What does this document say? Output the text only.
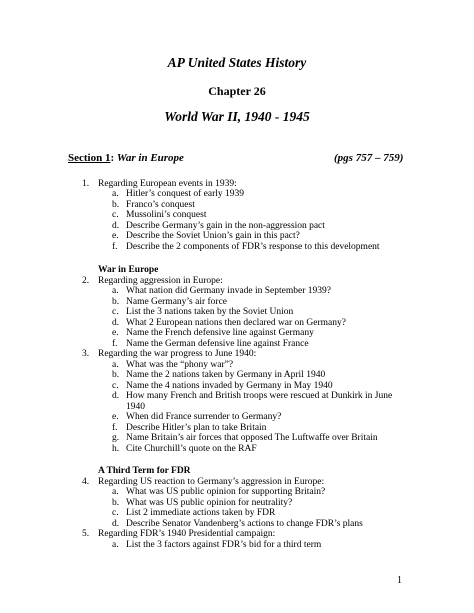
AP United States History
Chapter 26
World War II, 1940 - 1945
Section 1: War in Europe	(pgs 757 – 759)
1. Regarding European events in 1939:
a. Hitler’s conquest of early 1939
b. Franco’s conquest
c. Mussolini’s conquest
d. Describe Germany’s gain in the non-aggression pact
e. Describe the Soviet Union’s gain in this pact?
f. Describe the 2 components of FDR’s response to this development
War in Europe
2. Regarding aggression in Europe:
a. What nation did Germany invade in September 1939?
b. Name Germany’s air force
c. List the 3 nations taken by the Soviet Union
d. What 2 European nations then declared war on Germany?
e. Name the French defensive line against Germany
f. Name the German defensive line against France
3. Regarding the war progress to June 1940:
a. What was the “phony war”?
b. Name the 2 nations taken by Germany in April 1940
c. Name the 4 nations invaded by Germany in May 1940
d. How many French and British troops were rescued at Dunkirk in June
1940
e. When did France surrender to Germany?
f. Describe Hitler’s plan to take Britain
g. Name Britain’s air forces that opposed The Luftwaffe over Britain
h. Cite Churchill’s quote on the RAF
A Third Term for FDR
4. Regarding US reaction to Germany’s aggression in Europe:
a. What was US public opinion for supporting Britain?
b. What was US public opinion for neutrality?
c. List 2 immediate actions taken by FDR
d. Describe Senator Vandenberg’s actions to change FDR’s plans
5. Regarding FDR’s 1940 Presidential campaign:
a. List the 3 factors against FDR’s bid for a third term
1
